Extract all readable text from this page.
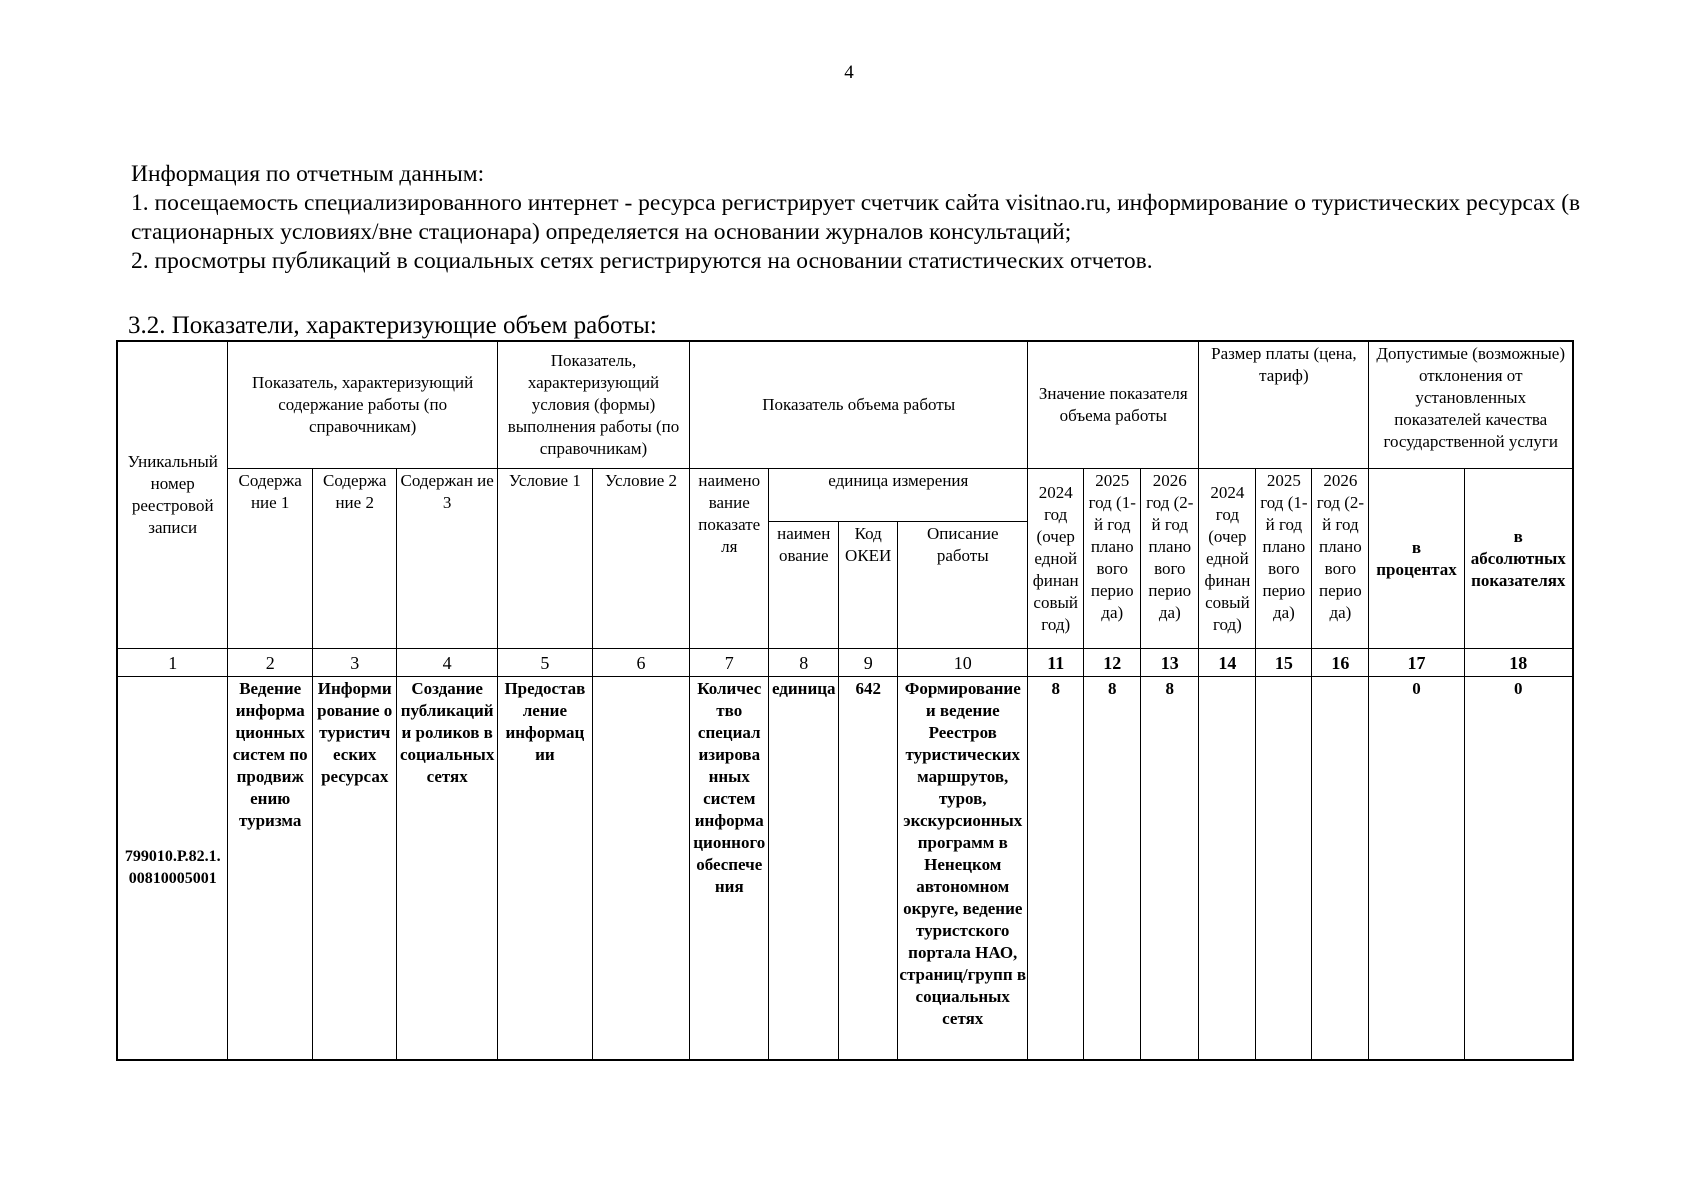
4

Информация по отчетным данным:

1. посещаемость специализированного интернет - ресурса регистрирует счетчик сайта visitnao.ru, информирование о туристических ресурсах (в стационарных условиях/вне стационара) определяется на основании журналов консультаций;

2. просмотры публикаций в социальных сетях регистрируются на основании статистических отчетов.

3.2. Показатели, характеризующие объем работы:
Уникальный номер реестровой записи	Показатель, характеризующий содержание работы (по справочникам)			Показатель, характеризующий условия (формы) выполнения работы (по справочникам)		Показатель объема работы				Значение показателя объема работы			Размер платы (цена, тариф)			Допустимые (возможные) отклонения от установленных показателей качества государственной услуги	
	Содержа ние 1	Содержа ние 2	Содержан ие 3	Условие 1	Условие 2	наимено вание показате ля	единица измерения			2024 год (очер едной финан совый год)	2025 год (1-й год плано вого перио да)	2026 год (2-й год плано вого перио да)	2024 год (очер едной финан совый год)	2025 год (1-й год плано вого перио да)	2026 год (2-й год плано вого перио да)	в процентах	в абсолютных показателях
							наимен ование	Код ОКЕИ	Описание работы								
1	2	3	4	5	6	7	8	9	10	11	12	13	14	15	16	17	18
799010.Р.82.1. 00810005001	Ведение информа ционных систем по продвиж ению туризма	Информи рование о туристич еских ресурсах	Создание публикаций и роликов в социальных сетях	Предостав ление информац ии		Количес тво специал изирова нных систем информа ционного обеспече ния	единица	642	Формирование и ведение Реестров туристических маршрутов, туров, экскурсионных программ в Ненецком автономном округе, ведение туристского портала НАО, страниц/групп в социальных сетях	8	8	8				0	0
